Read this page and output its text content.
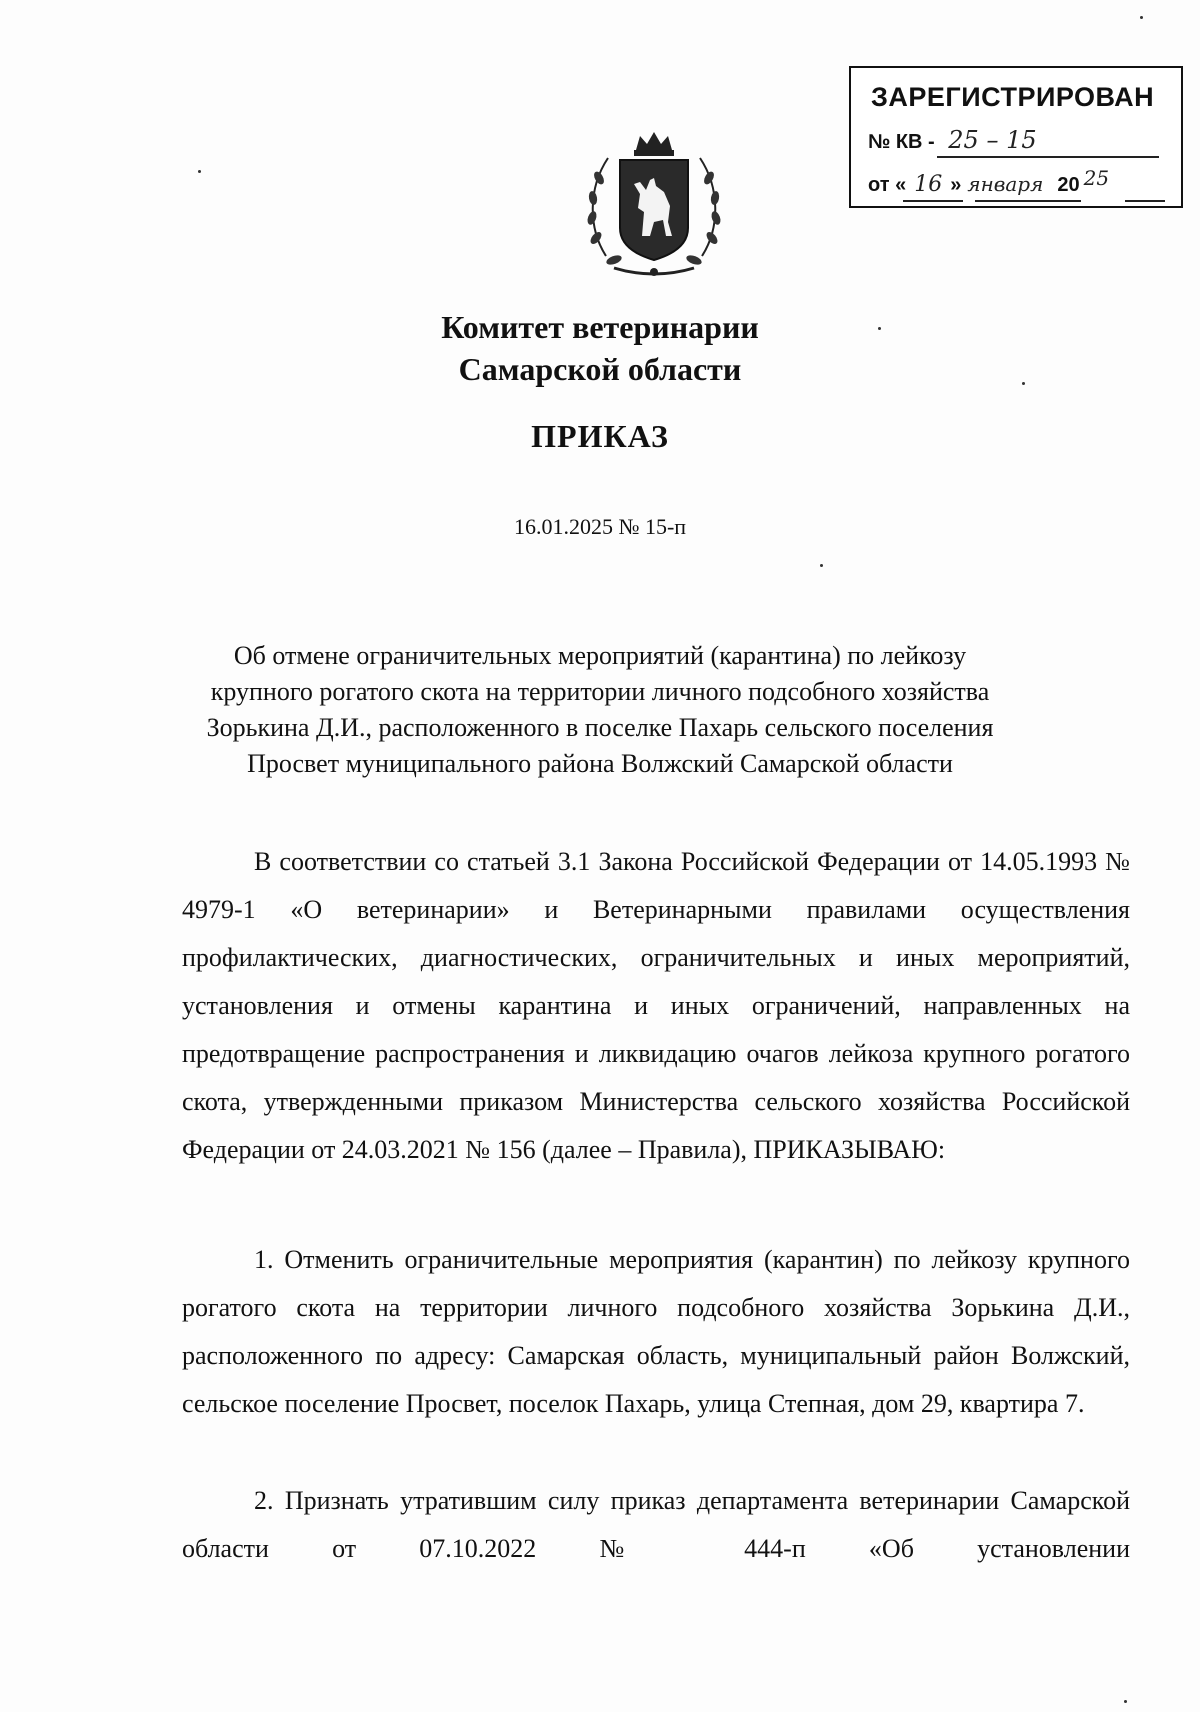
ЗАРЕГИСТРИРОВАН
№ КВ - 25 – 15
от « 16 » января 20 25
Комитет ветеринарии
Самарской области
ПРИКАЗ
16.01.2025 № 15-п
Об отмене ограничительных мероприятий (карантина) по лейкозу
крупного рогатого скота на территории личного подсобного хозяйства
Зорькина Д.И., расположенного в поселке Пахарь сельского поселения
Просвет муниципального района Волжский Самарской области

В соответствии со статьей 3.1 Закона Российской Федерации от 14.05.1993 № 4979-1 «О ветеринарии» и Ветеринарными правилами осуществления профилактических, диагностических, ограничительных и иных мероприятий, установления и отмены карантина и иных ограничений, направленных на предотвращение распространения и ликвидацию очагов лейкоза крупного рогатого скота, утвержденными приказом Министерства сельского хозяйства Российской Федерации от 24.03.2021 № 156 (далее – Правила), ПРИКАЗЫВАЮ:

1. Отменить ограничительные мероприятия (карантин) по лейкозу крупного рогатого скота на территории личного подсобного хозяйства Зорькина Д.И., расположенного по адресу: Самарская область, муниципальный район Волжский, сельское поселение Просвет, поселок Пахарь, улица Степная, дом 29, квартира 7.

2. Признать утратившим силу приказ департамента ветеринарии Самарской области от 07.10.2022 № 444-п «Об установлении
